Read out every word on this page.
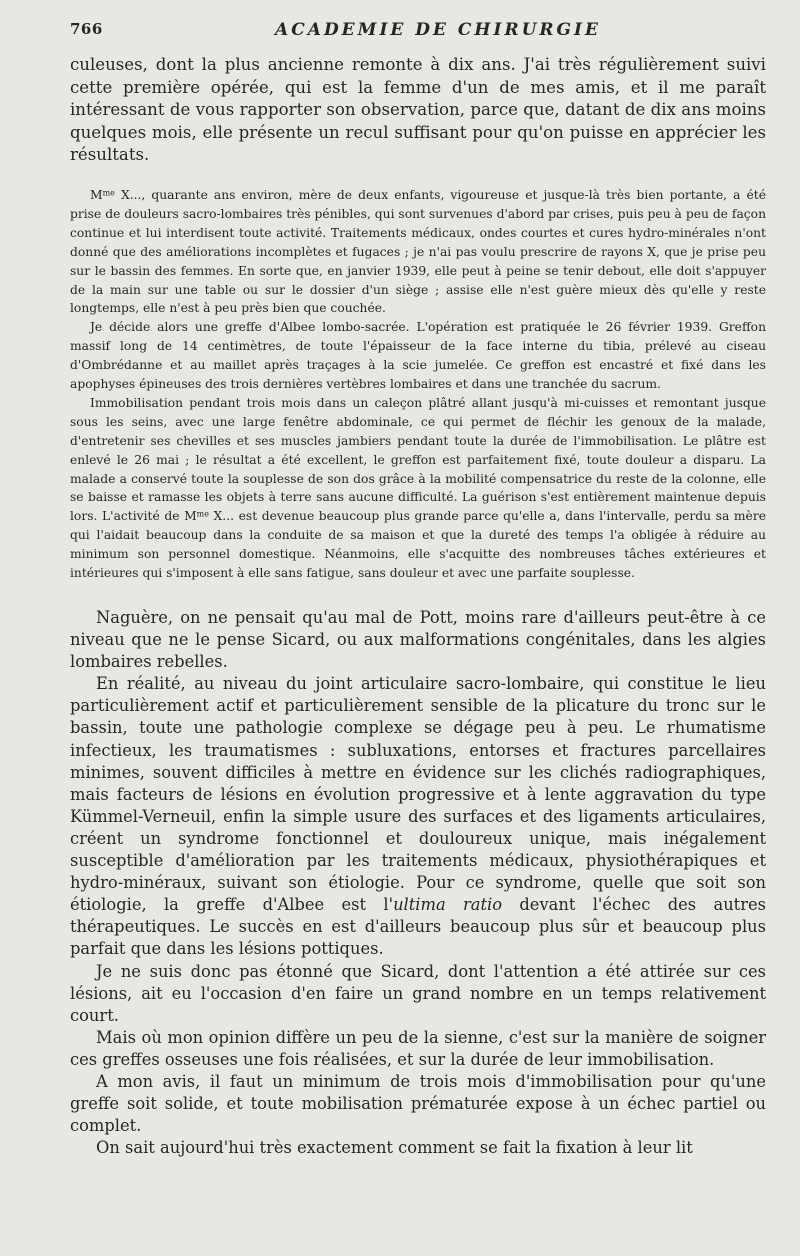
766	ACADEMIE DE CHIRURGIE

culeuses, dont la plus ancienne remonte à dix ans. J'ai très régulièrement suivi cette première opérée, qui est la femme d'un de mes amis, et il me paraît intéressant de vous rapporter son observation, parce que, datant de dix ans moins quelques mois, elle présente un recul suffisant pour qu'on puisse en apprécier les résultats.

$M^{me}$ X..., quarante ans environ, mère de deux enfants, vigoureuse et jusque-là très bien portante, a été prise de douleurs sacro-lombaires très pénibles, qui sont survenues d'abord par crises, puis peu à peu de façon continue et lui interdisent toute activité. Traitements médicaux, ondes courtes et cures hydro-minérales n'ont donné que des améliorations incomplètes et fugaces ; je n'ai pas voulu prescrire de rayons X, que je prise peu sur le bassin des femmes. En sorte que, en janvier 1939, elle peut à peine se tenir debout, elle doit s'appuyer de la main sur une table ou sur le dossier d'un siège ; assise elle n'est guère mieux dès qu'elle y reste longtemps, elle n'est à peu près bien que couchée.

Je décide alors une greffe d'Albee lombo-sacrée. L'opération est pratiquée le 26 février 1939. Greffon massif long de 14 centimètres, de toute l'épaisseur de la face interne du tibia, prélevé au ciseau d'Ombrédanne et au maillet après traçages à la scie jumelée. Ce greffon est encastré et fixé dans les apophyses épineuses des trois dernières vertèbres lombaires et dans une tranchée du sacrum.

Immobilisation pendant trois mois dans un caleçon plâtré allant jusqu'à mi-cuisses et remontant jusque sous les seins, avec une large fenêtre abdominale, ce qui permet de fléchir les genoux de la malade, d'entretenir ses chevilles et ses muscles jambiers pendant toute la durée de l'immobilisation. Le plâtre est enlevé le 26 mai ; le résultat a été excellent, le greffon est parfaitement fixé, toute douleur a disparu. La malade a conservé toute la souplesse de son dos grâce à la mobilité compensatrice du reste de la colonne, elle se baisse et ramasse les objets à terre sans aucune difficulté. La guérison s'est entièrement maintenue depuis lors. L'activité de $M^{me}$ X... est devenue beaucoup plus grande parce qu'elle a, dans l'intervalle, perdu sa mère qui l'aidait beaucoup dans la conduite de sa maison et que la dureté des temps l'a obligée à réduire au minimum son personnel domestique. Néanmoins, elle s'acquitte des nombreuses tâches extérieures et intérieures qui s'imposent à elle sans fatigue, sans douleur et avec une parfaite souplesse.

Naguère, on ne pensait qu'au mal de Pott, moins rare d'ailleurs peut-être à ce niveau que ne le pense Sicard, ou aux malformations congénitales, dans les algies lombaires rebelles.

En réalité, au niveau du joint articulaire sacro-lombaire, qui constitue le lieu particulièrement actif et particulièrement sensible de la plicature du tronc sur le bassin, toute une pathologie complexe se dégage peu à peu. Le rhumatisme infectieux, les traumatismes : subluxations, entorses et fractures parcellaires minimes, souvent difficiles à mettre en évidence sur les clichés radiographiques, mais facteurs de lésions en évolution progressive et à lente aggravation du type Kümmel-Verneuil, enfin la simple usure des surfaces et des ligaments articulaires, créent un syndrome fonctionnel et douloureux unique, mais inégalement susceptible d'amélioration par les traitements médicaux, physiothérapiques et hydro-minéraux, suivant son étiologie. Pour ce syndrome, quelle que soit son étiologie, la greffe d'Albee est l'ultima ratio devant l'échec des autres thérapeutiques. Le succès en est d'ailleurs beaucoup plus sûr et beaucoup plus parfait que dans les lésions pottiques.

Je ne suis donc pas étonné que Sicard, dont l'attention a été attirée sur ces lésions, ait eu l'occasion d'en faire un grand nombre en un temps relativement court.

Mais où mon opinion diffère un peu de la sienne, c'est sur la manière de soigner ces greffes osseuses une fois réalisées, et sur la durée de leur immobilisation.

A mon avis, il faut un minimum de trois mois d'immobilisation pour qu'une greffe soit solide, et toute mobilisation prématurée expose à un échec partiel ou complet.

On sait aujourd'hui très exactement comment se fait la fixation à leur lit
